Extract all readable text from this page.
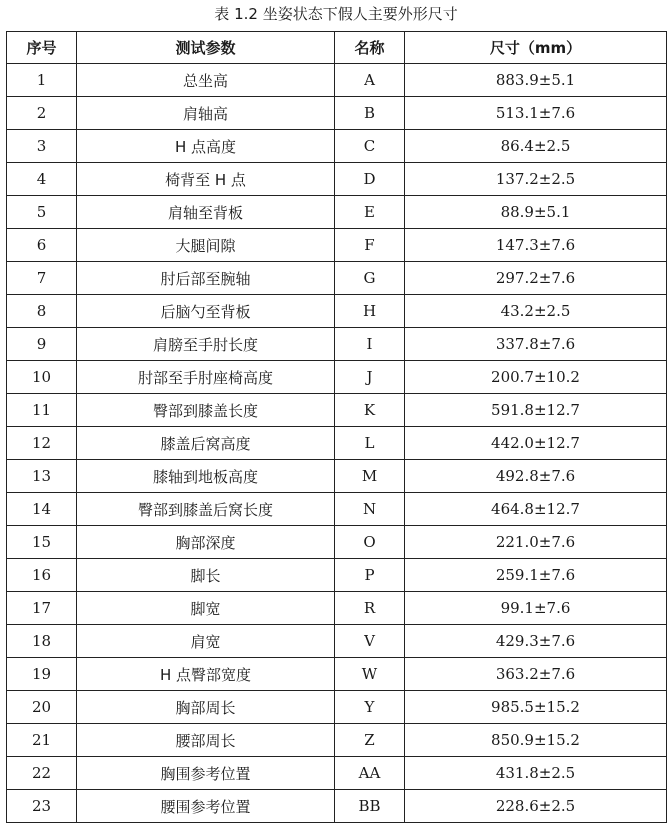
表 1.2 坐姿状态下假人主要外形尺寸
序号	测试参数	名称	尺寸（mm）
1	总坐高	A	883.9±5.1
2	肩轴高	B	513.1±7.6
3	H 点高度	C	86.4±2.5
4	椅背至 H 点	D	137.2±2.5
5	肩轴至背板	E	88.9±5.1
6	大腿间隙	F	147.3±7.6
7	肘后部至腕轴	G	297.2±7.6
8	后脑勺至背板	H	43.2±2.5
9	肩膀至手肘长度	I	337.8±7.6
10	肘部至手肘座椅高度	J	200.7±10.2
11	臀部到膝盖长度	K	591.8±12.7
12	膝盖后窝高度	L	442.0±12.7
13	膝轴到地板高度	M	492.8±7.6
14	臀部到膝盖后窝长度	N	464.8±12.7
15	胸部深度	O	221.0±7.6
16	脚长	P	259.1±7.6
17	脚宽	R	99.1±7.6
18	肩宽	V	429.3±7.6
19	H 点臀部宽度	W	363.2±7.6
20	胸部周长	Y	985.5±15.2
21	腰部周长	Z	850.9±15.2
22	胸围参考位置	AA	431.8±2.5
23	腰围参考位置	BB	228.6±2.5
